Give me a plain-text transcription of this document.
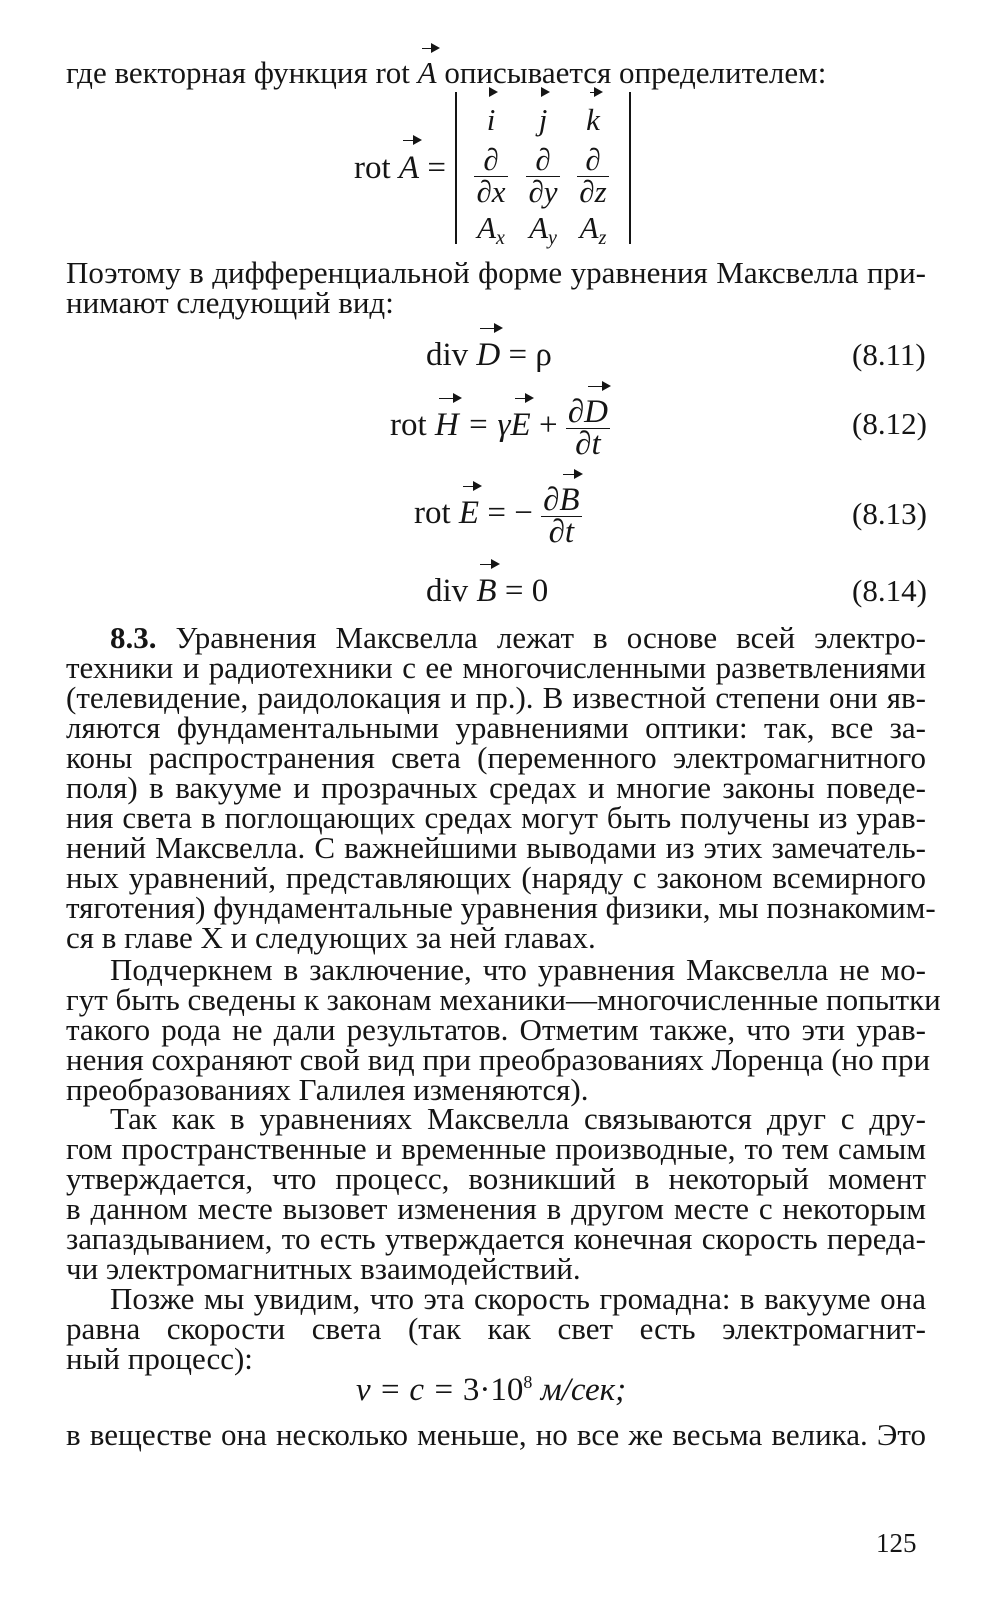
где векторная функция rot A описывается определителем:
rot A =
i	j	k
$\frac{\partial}{\partial x} \frac{\partial}{\partial y} \frac{\partial}{\partial z}$
$A_x$ $A_y$ $A_z$
Поэтому в дифференциальной форме уравнения Максвелла при-
нимают следующий вид:
div D = ρ	(8.11)
rot $H = \gamma E + \frac{\partial D}{\partial t}$	(8.12)
rot E = − $\frac{\partial B}{\partial t}$	(8.13)
div B = 0	(8.14)
8.3. Уравнения Максвелла лежат в основе всей электро-
техники и радиотехники с ее многочисленными разветвлениями
(телевидение, раидолокация и пр.). В известной степени они яв-
ляются фундаментальными уравнениями оптики: так, все за-
коны распространения света (переменного электромагнитного
поля) в вакууме и прозрачных средах и многие законы поведе-
ния света в поглощающих средах могут быть получены из урав-
нений Максвелла. С важнейшими выводами из этих замечатель-
ных уравнений, представляющих (наряду с законом всемирного
тяготения) фундаментальные уравнения физики, мы познакомим-
ся в главе X и следующих за ней главах.
Подчеркнем в заключение, что уравнения Максвелла не мо-
гут быть сведены к законам механики—многочисленные попытки
такого рода не дали результатов. Отметим также, что эти урав-
нения сохраняют свой вид при преобразованиях Лоренца (но при
преобразованиях Галилея изменяются).
Так как в уравнениях Максвелла связываются друг с дру-
гом пространственные и временные производные, то тем самым
утверждается, что процесс, возникший в некоторый момент
в данном месте вызовет изменения в другом месте с некоторым
запаздыванием, то есть утверждается конечная скорость переда-
чи электромагнитных взаимодействий.
Позже мы увидим, что эта скорость громадна: в вакууме она
равна скорости света (так как свет есть электромагнит-
ный процесс):
$v = c = 3\cdot 10^8$ м/сек;
в веществе она несколько меньше, но все же весьма велика. Это
125
